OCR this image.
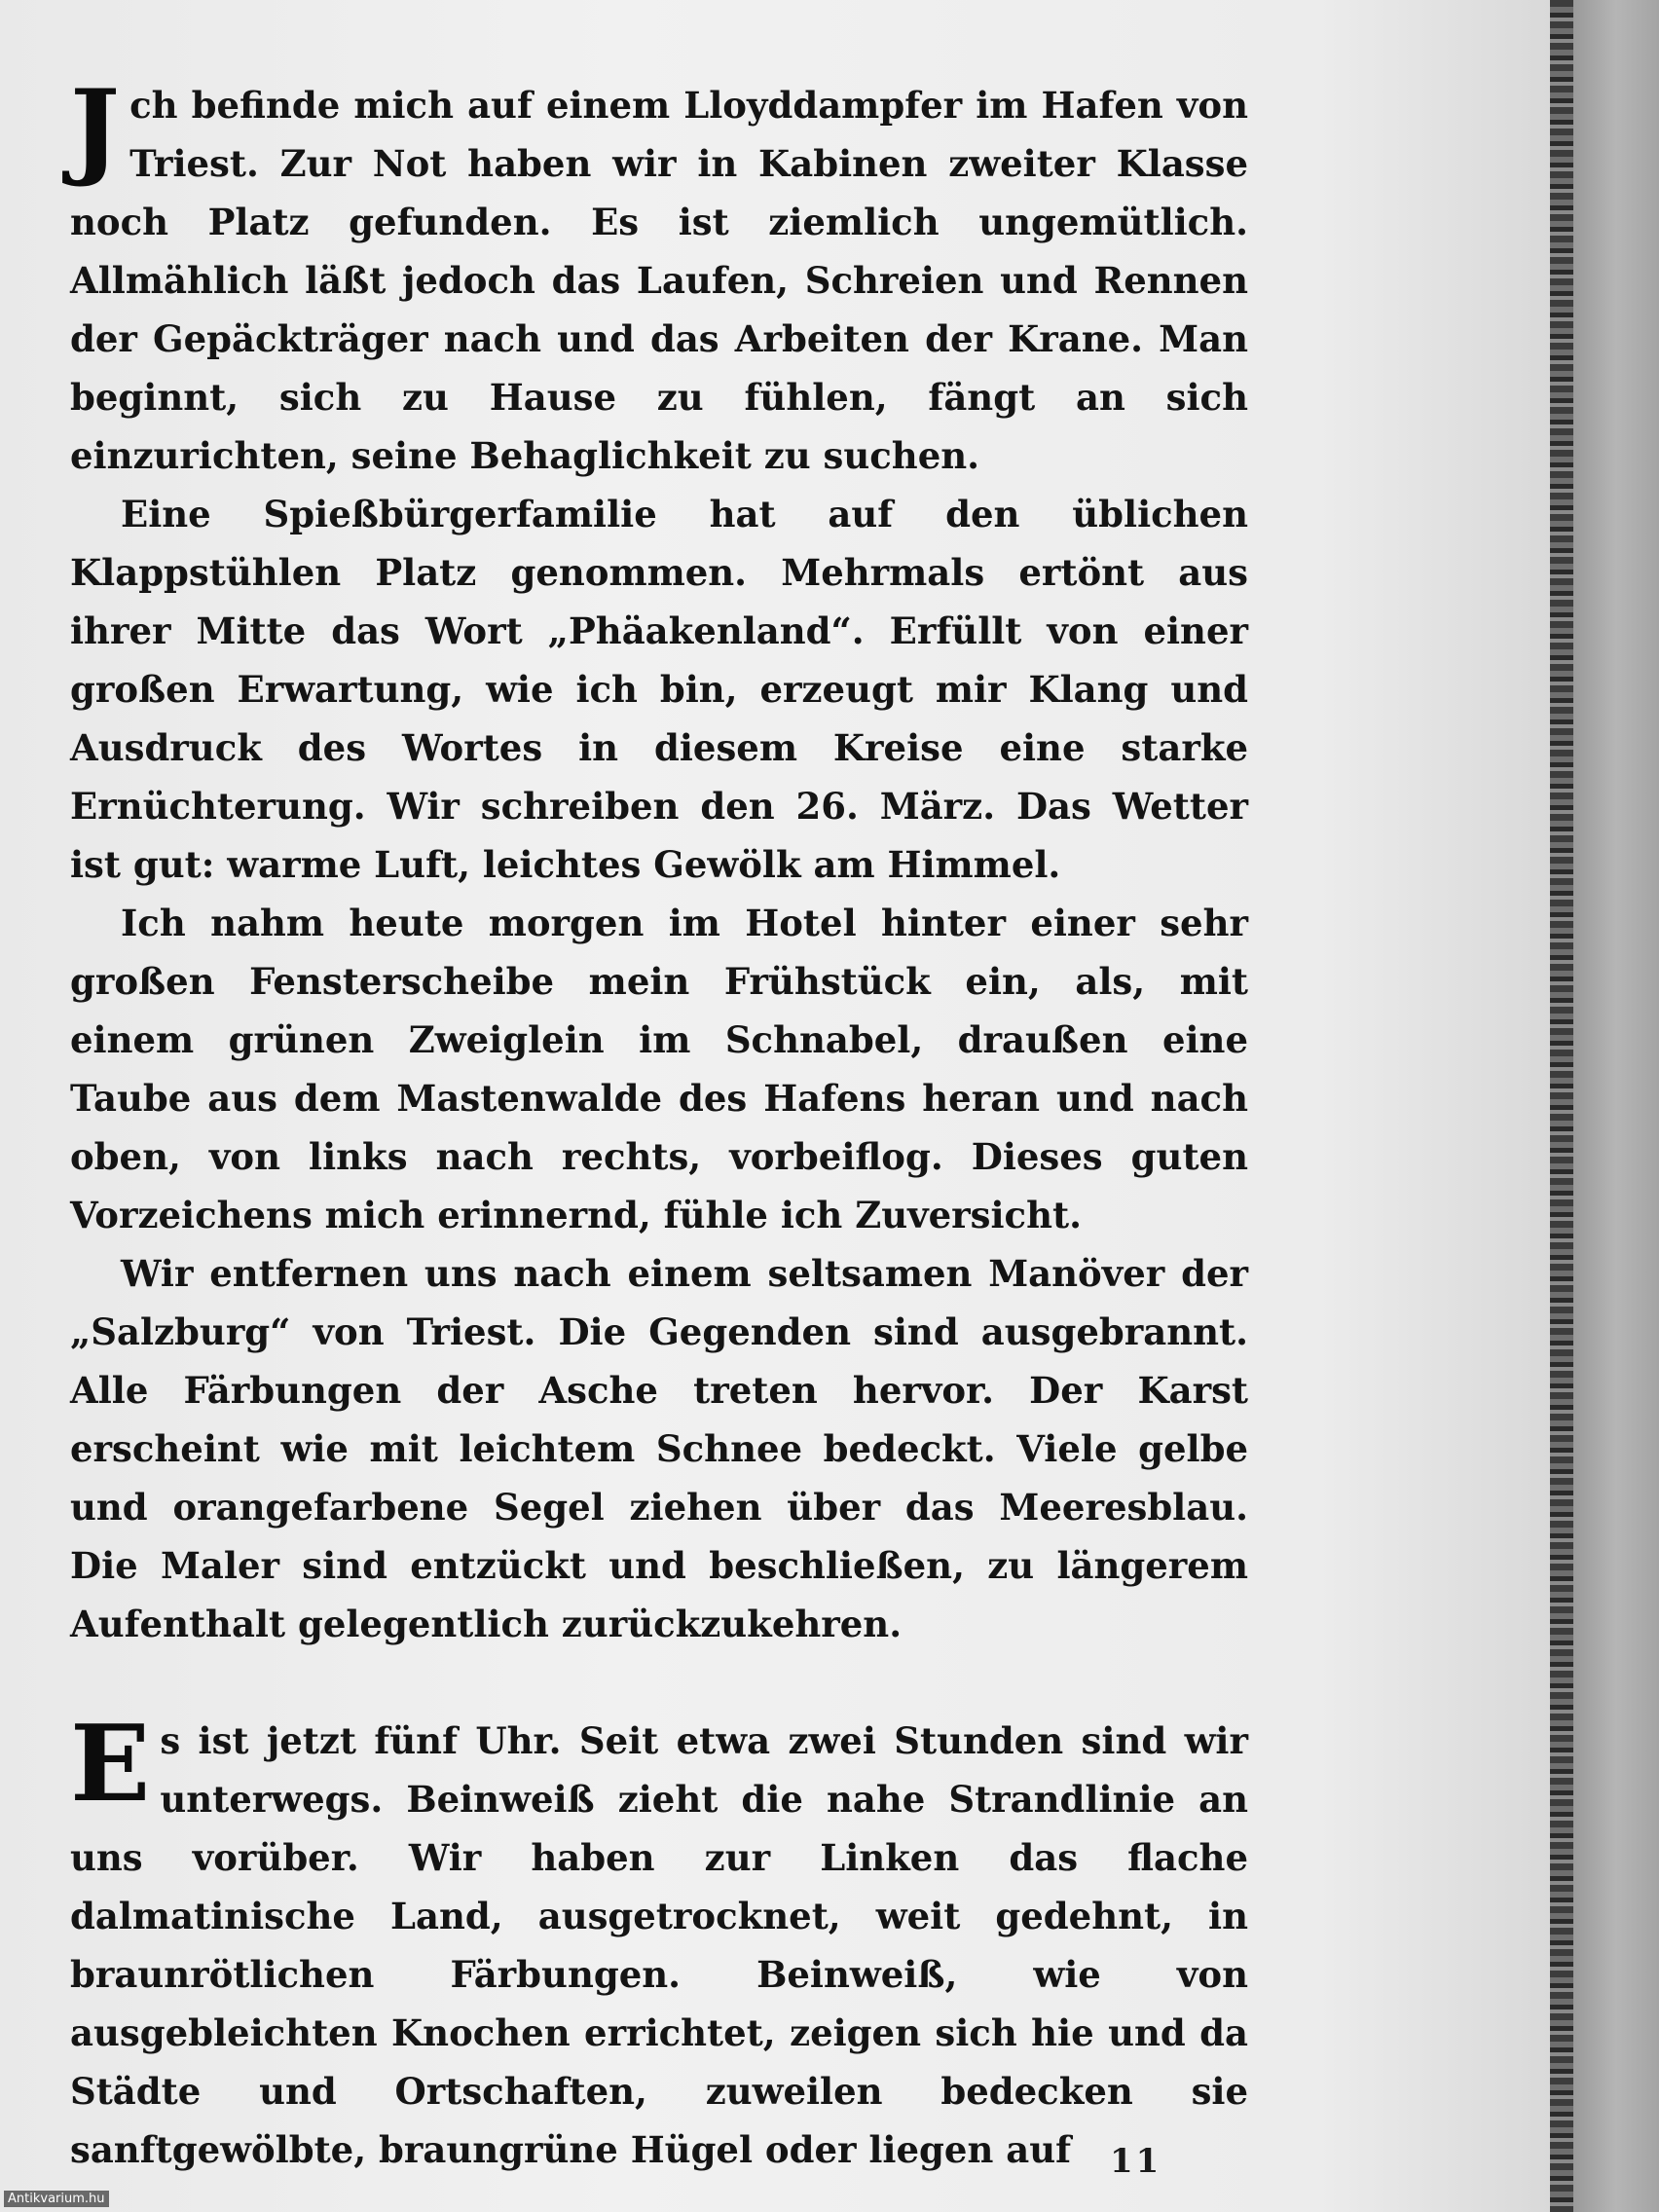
Jch befinde mich auf einem Lloyddampfer im Hafen von Triest. Zur Not haben wir in Kabinen zweiter Klasse noch Platz gefunden. Es ist ziemlich ungemütlich. Allmählich läßt jedoch das Laufen, Schreien und Rennen der Gepäckträger nach und das Arbeiten der Krane. Man beginnt, sich zu Hause zu fühlen, fängt an sich einzurichten, seine Behaglichkeit zu suchen.

Eine Spießbürgerfamilie hat auf den üblichen Klappstühlen Platz genommen. Mehrmals ertönt aus ihrer Mitte das Wort „Phäakenland“. Erfüllt von einer großen Erwartung, wie ich bin, erzeugt mir Klang und Ausdruck des Wortes in diesem Kreise eine starke Ernüchterung. Wir schreiben den 26. März. Das Wetter ist gut: warme Luft, leichtes Gewölk am Himmel.

Ich nahm heute morgen im Hotel hinter einer sehr großen Fensterscheibe mein Frühstück ein, als, mit einem grünen Zweiglein im Schnabel, draußen eine Taube aus dem Mastenwalde des Hafens heran und nach oben, von links nach rechts, vorbeiflog. Dieses guten Vorzeichens mich erinnernd, fühle ich Zuversicht.

Wir entfernen uns nach einem seltsamen Manöver der „Salzburg“ von Triest. Die Gegenden sind ausgebrannt. Alle Färbungen der Asche treten hervor. Der Karst erscheint wie mit leichtem Schnee bedeckt. Viele gelbe und orangefarbene Segel ziehen über das Meeresblau. Die Maler sind entzückt und beschließen, zu längerem Aufenthalt gelegentlich zurückzukehren.

Es ist jetzt fünf Uhr. Seit etwa zwei Stunden sind wir unterwegs. Beinweiß zieht die nahe Strandlinie an uns vorüber. Wir haben zur Linken das flache dalmatinische Land, ausgetrocknet, weit gedehnt, in braunrötlichen Färbungen. Beinweiß, wie von ausgebleichten Knochen errichtet, zeigen sich hie und da Städte und Ortschaften, zuweilen bedecken sie sanftgewölbte, braungrüne Hügel oder liegen auf	11
Antikvarium.hu
